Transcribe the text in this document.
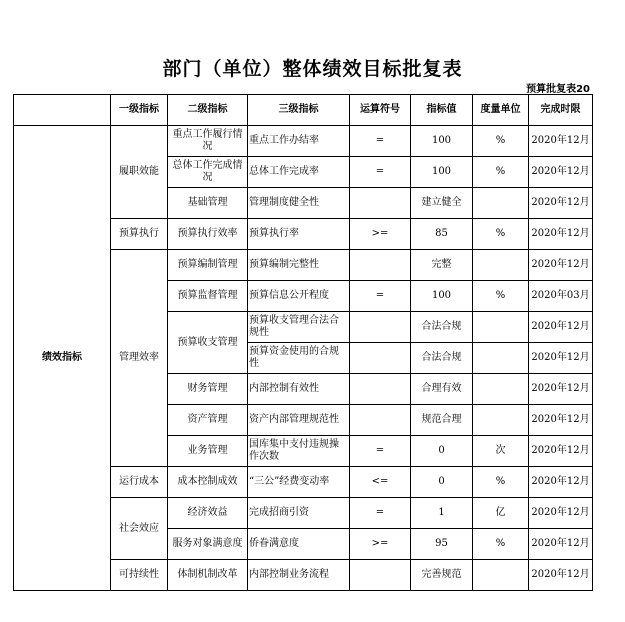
部门（单位）整体绩效目标批复表
预算批复表20
	一级指标	二级指标	三级指标	运算符号	指标值	度量单位	完成时限
绩效指标	履职效能	重点工作履行情况	重点工作办结率	=	100	%	2020年12月
		总体工作完成情况	总体工作完成率	=	100	%	2020年12月
		基础管理	管理制度健全性		建立健全		2020年12月
	预算执行	预算执行效率	预算执行率	>=	85	%	2020年12月
	管理效率	预算编制管理	预算编制完整性		完整		2020年12月
		预算监督管理	预算信息公开程度	=	100	%	2020年03月
		预算收支管理	预算收支管理合法合规性		合法合规		2020年12月
			预算资金使用的合规性		合法合规		2020年12月
		财务管理	内部控制有效性		合理有效		2020年12月
		资产管理	资产内部管理规范性		规范合理		2020年12月
		业务管理	国库集中支付违规操作次数	=	0	次	2020年12月
	运行成本	成本控制成效	“三公”经费变动率	<=	0	%	2020年12月
	社会效应	经济效益	完成招商引资	=	1	亿	2020年12月
		服务对象满意度	侨眷满意度	>=	95	%	2020年12月
	可持续性	体制机制改革	内部控制业务流程		完善规范		2020年12月
